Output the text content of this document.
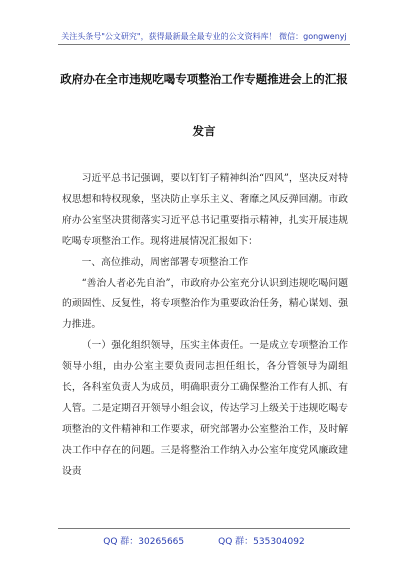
关注头条号"公文研究"，获得最新最全最专业的公文资料库！ 微信：gongwenyj
政府办在全市违规吃喝专项整治工作专题推进会上的汇报
发言

习近平总书记强调，要以钉钉子精神纠治“四风”，坚决反对特权思想和特权现象，坚决防止享乐主义、奢靡之风反弹回潮。市政府办公室坚决贯彻落实习近平总书记重要指示精神，扎实开展违规吃喝专项整治工作。现将进展情况汇报如下：

一、高位推动，周密部署专项整治工作

“善治人者必先自治”，市政府办公室充分认识到违规吃喝问题的顽固性、反复性，将专项整治作为重要政治任务，精心谋划、强力推进。

（一）强化组织领导，压实主体责任。一是成立专项整治工作领导小组，由办公室主要负责同志担任组长，各分管领导为副组长，各科室负责人为成员，明确职责分工确保整治工作有人抓、有人管。二是定期召开领导小组会议，传达学习上级关于违规吃喝专项整治的文件精神和工作要求，研究部署办公室整治工作，及时解决工作中存在的问题。三是将整治工作纳入办公室年度党风廉政建设责

QQ 群：30265665	QQ 群：535304092
